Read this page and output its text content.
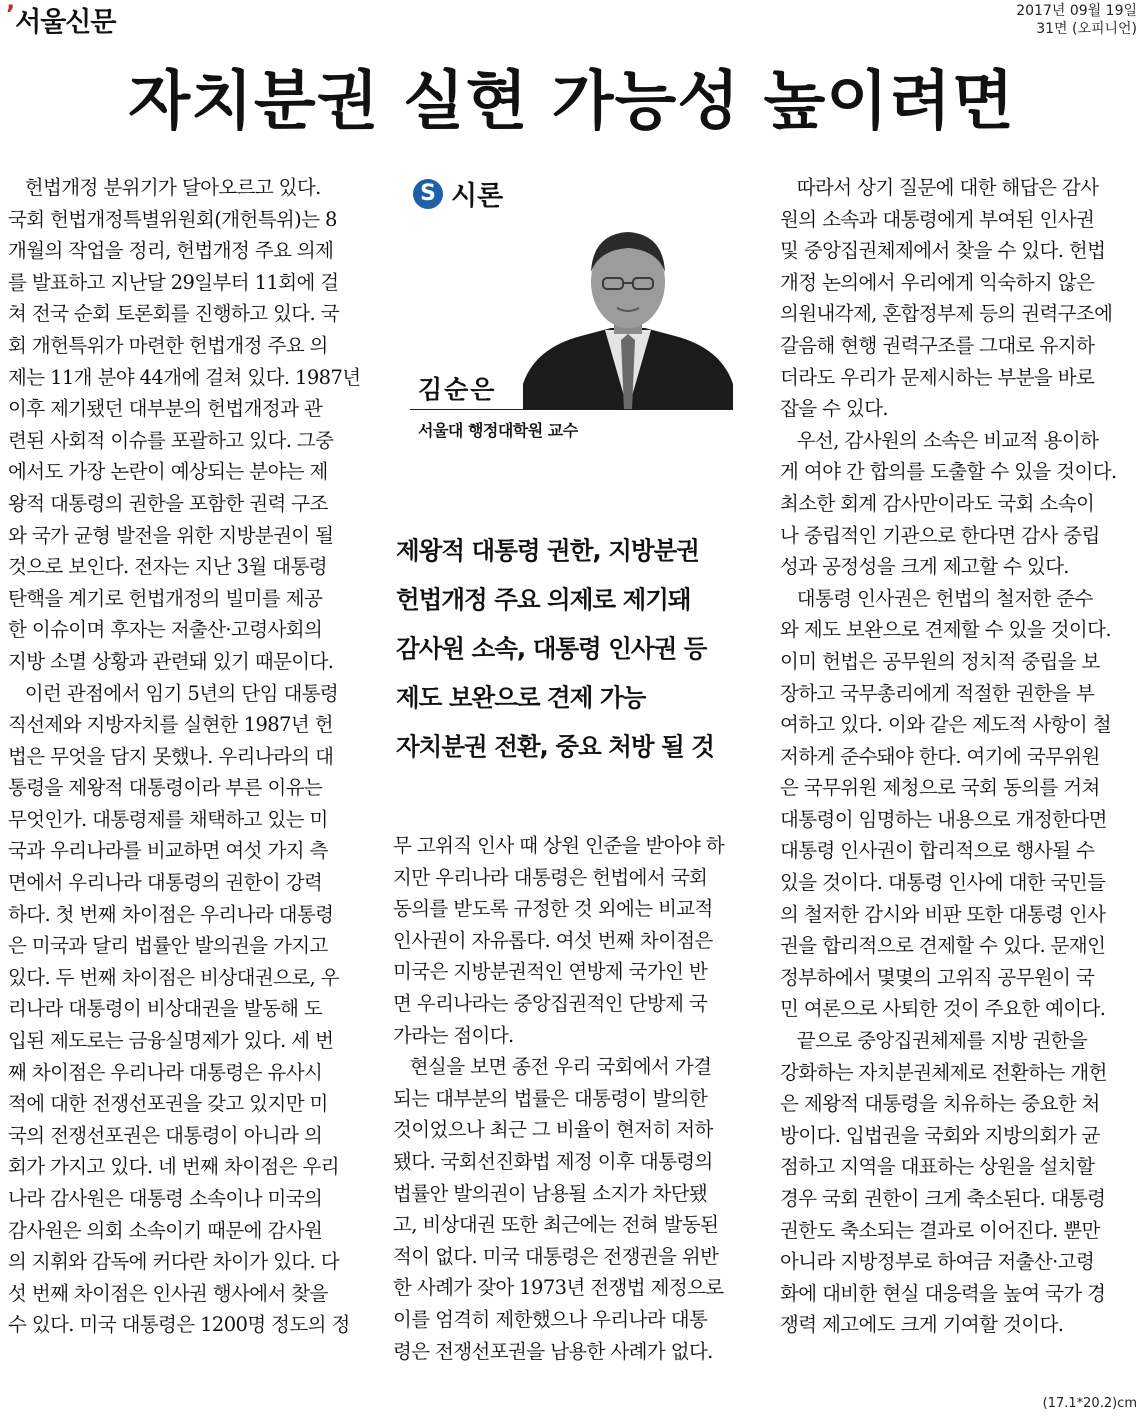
’서울신문	2017년 09월 19일
31면 (오피니언)
자치분권 실현 가능성 높이려면

헌법개정 분위기가 달아오르고 있다.

국회 헌법개정특별위원회(개헌특위)는 8

개월의 작업을 정리, 헌법개정 주요 의제

를 발표하고 지난달 29일부터 11회에 걸

쳐 전국 순회 토론회를 진행하고 있다. 국

회 개헌특위가 마련한 헌법개정 주요 의

제는 11개 분야 44개에 걸쳐 있다. 1987년

이후 제기됐던 대부분의 헌법개정과 관

련된 사회적 이슈를 포괄하고 있다. 그중

에서도 가장 논란이 예상되는 분야는 제

왕적 대통령의 권한을 포함한 권력 구조

와 국가 균형 발전을 위한 지방분권이 될

것으로 보인다. 전자는 지난 3월 대통령

탄핵을 계기로 헌법개정의 빌미를 제공

한 이슈이며 후자는 저출산·고령사회의

지방 소멸 상황과 관련돼 있기 때문이다.

이런 관점에서 임기 5년의 단임 대통령

직선제와 지방자치를 실현한 1987년 헌

법은 무엇을 담지 못했나. 우리나라의 대

통령을 제왕적 대통령이라 부른 이유는

무엇인가. 대통령제를 채택하고 있는 미

국과 우리나라를 비교하면 여섯 가지 측

면에서 우리나라 대통령의 권한이 강력

하다. 첫 번째 차이점은 우리나라 대통령

은 미국과 달리 법률안 발의권을 가지고

있다. 두 번째 차이점은 비상대권으로, 우

리나라 대통령이 비상대권을 발동해 도

입된 제도로는 금융실명제가 있다. 세 번

째 차이점은 우리나라 대통령은 유사시

적에 대한 전쟁선포권을 갖고 있지만 미

국의 전쟁선포권은 대통령이 아니라 의

회가 가지고 있다. 네 번째 차이점은 우리

나라 감사원은 대통령 소속이나 미국의

감사원은 의회 소속이기 때문에 감사원

의 지휘와 감독에 커다란 차이가 있다. 다

섯 번째 차이점은 인사권 행사에서 찾을

수 있다. 미국 대통령은 1200명 정도의 정

S 시론
김순은
서울대 행정대학원 교수
제왕적 대통령 권한, 지방분권
헌법개정 주요 의제로 제기돼
감사원 소속, 대통령 인사권 등
제도 보완으로 견제 가능
자치분권 전환, 중요 처방 될 것

무 고위직 인사 때 상원 인준을 받아야 하

지만 우리나라 대통령은 헌법에서 국회

동의를 받도록 규정한 것 외에는 비교적

인사권이 자유롭다. 여섯 번째 차이점은

미국은 지방분권적인 연방제 국가인 반

면 우리나라는 중앙집권적인 단방제 국

가라는 점이다.

현실을 보면 종전 우리 국회에서 가결

되는 대부분의 법률은 대통령이 발의한

것이었으나 최근 그 비율이 현저히 저하

됐다. 국회선진화법 제정 이후 대통령의

법률안 발의권이 남용될 소지가 차단됐

고, 비상대권 또한 최근에는 전혀 발동된

적이 없다. 미국 대통령은 전쟁권을 위반

한 사례가 잦아 1973년 전쟁법 제정으로

이를 엄격히 제한했으나 우리나라 대통

령은 전쟁선포권을 남용한 사례가 없다.

따라서 상기 질문에 대한 해답은 감사

원의 소속과 대통령에게 부여된 인사권

및 중앙집권체제에서 찾을 수 있다. 헌법

개정 논의에서 우리에게 익숙하지 않은

의원내각제, 혼합정부제 등의 권력구조에

갈음해 현행 권력구조를 그대로 유지하

더라도 우리가 문제시하는 부분을 바로

잡을 수 있다.

우선, 감사원의 소속은 비교적 용이하

게 여야 간 합의를 도출할 수 있을 것이다.

최소한 회계 감사만이라도 국회 소속이

나 중립적인 기관으로 한다면 감사 중립

성과 공정성을 크게 제고할 수 있다.

대통령 인사권은 헌법의 철저한 준수

와 제도 보완으로 견제할 수 있을 것이다.

이미 헌법은 공무원의 정치적 중립을 보

장하고 국무총리에게 적절한 권한을 부

여하고 있다. 이와 같은 제도적 사항이 철

저하게 준수돼야 한다. 여기에 국무위원

은 국무위원 제청으로 국회 동의를 거쳐

대통령이 임명하는 내용으로 개정한다면

대통령 인사권이 합리적으로 행사될 수

있을 것이다. 대통령 인사에 대한 국민들

의 철저한 감시와 비판 또한 대통령 인사

권을 합리적으로 견제할 수 있다. 문재인

정부하에서 몇몇의 고위직 공무원이 국

민 여론으로 사퇴한 것이 주요한 예이다.

끝으로 중앙집권체제를 지방 권한을

강화하는 자치분권체제로 전환하는 개헌

은 제왕적 대통령을 치유하는 중요한 처

방이다. 입법권을 국회와 지방의회가 균

점하고 지역을 대표하는 상원을 설치할

경우 국회 권한이 크게 축소된다. 대통령

권한도 축소되는 결과로 이어진다. 뿐만

아니라 지방정부로 하여금 저출산·고령

화에 대비한 현실 대응력을 높여 국가 경

쟁력 제고에도 크게 기여할 것이다.

(17.1*20.2)cm
